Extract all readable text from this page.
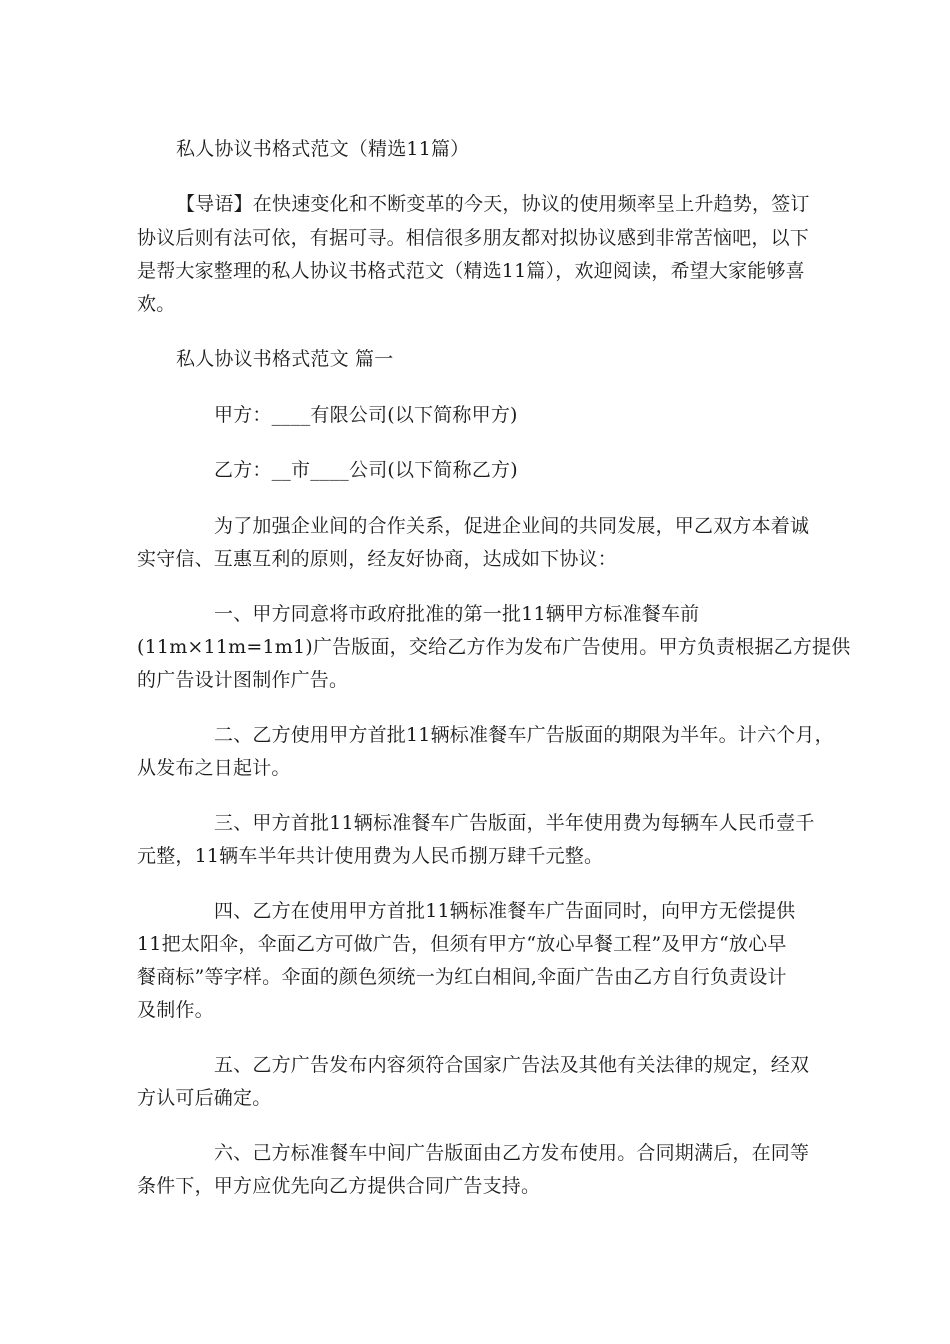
私人协议书格式范文（精选11篇）
【导语】在快速变化和不断变革的今天，协议的使用频率呈上升趋势，签订
协议后则有法可依，有据可寻。相信很多朋友都对拟协议感到非常苦恼吧，以下
是帮大家整理的私人协议书格式范文（精选11篇），欢迎阅读，希望大家能够喜
欢。
私人协议书格式范文 篇一
甲方：____有限公司(以下简称甲方)
乙方：__市____公司(以下简称乙方)
为了加强企业间的合作关系，促进企业间的共同发展，甲乙双方本着诚
实守信、互惠互利的原则，经友好协商，达成如下协议：
一、甲方同意将市政府批准的第一批11辆甲方标准餐车前
(11m×11m=1m1)广告版面，交给乙方作为发布广告使用。甲方负责根据乙方提供
的广告设计图制作广告。
二、乙方使用甲方首批11辆标准餐车广告版面的期限为半年。计六个月，
从发布之日起计。
三、甲方首批11辆标准餐车广告版面，半年使用费为每辆车人民币壹千
元整，11辆车半年共计使用费为人民币捌万肆千元整。
四、乙方在使用甲方首批11辆标准餐车广告面同时，向甲方无偿提供
11把太阳伞，伞面乙方可做广告，但须有甲方“放心早餐工程”及甲方“放心早
餐商标”等字样。伞面的颜色须统一为红白相间,伞面广告由乙方自行负责设计
及制作。
五、乙方广告发布内容须符合国家广告法及其他有关法律的规定，经双
方认可后确定。
六、己方标准餐车中间广告版面由乙方发布使用。合同期满后，在同等
条件下，甲方应优先向乙方提供合同广告支持。
